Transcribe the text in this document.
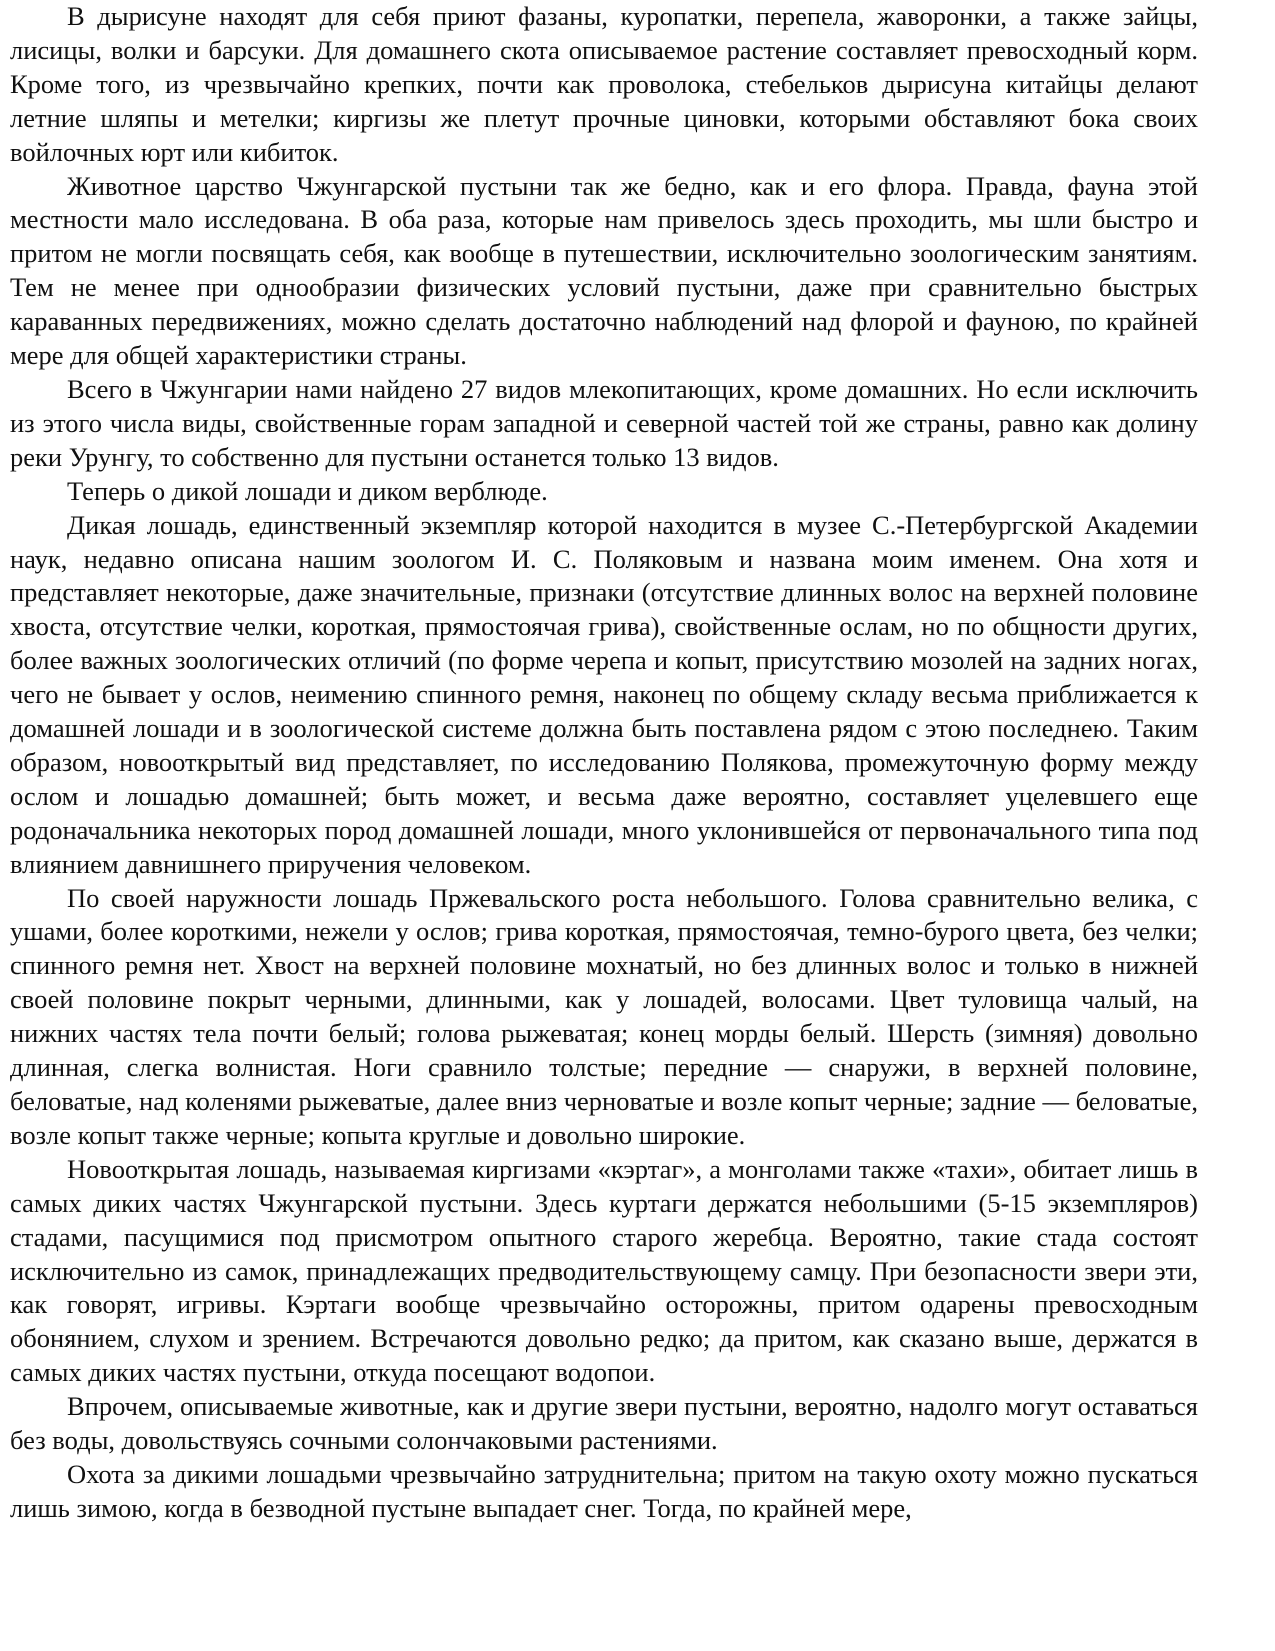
В дырисуне находят для себя приют фазаны, куропатки, перепела, жаворонки, а также зайцы, лисицы, волки и барсуки. Для домашнего скота описываемое растение составляет превосходный корм. Кроме того, из чрезвычайно крепких, почти как проволока, стебельков дырисуна китайцы делают летние шляпы и метелки; киргизы же плетут прочные циновки, которыми обставляют бока своих войлочных юрт или кибиток.

Животное царство Чжунгарской пустыни так же бедно, как и его флора. Правда, фауна этой местности мало исследована. В оба раза, которые нам привелось здесь проходить, мы шли быстро и притом не могли посвящать себя, как вообще в путешествии, исключительно зоологическим занятиям. Тем не менее при однообразии физических условий пустыни, даже при сравнительно быстрых караванных передвижениях, можно сделать достаточно наблюдений над флорой и фауною, по крайней мере для общей характеристики страны.

Всего в Чжунгарии нами найдено 27 видов млекопитающих, кроме домашних. Но если исключить из этого числа виды, свойственные горам западной и северной частей той же страны, равно как долину реки Урунгу, то собственно для пустыни останется только 13 видов.

Теперь о дикой лошади и диком верблюде.

Дикая лошадь, единственный экземпляр которой находится в музее С.-Петербургской Академии наук, недавно описана нашим зоологом И. С. Поляковым и названа моим именем. Она хотя и представляет некоторые, даже значительные, признаки (отсутствие длинных волос на верхней половине хвоста, отсутствие челки, короткая, прямостоячая грива), свойственные ослам, но по общности других, более важных зоологических отличий (по форме черепа и копыт, присутствию мозолей на задних ногах, чего не бывает у ослов, неимению спинного ремня, наконец по общему складу весьма приближается к домашней лошади и в зоологической системе должна быть поставлена рядом с этою последнею. Таким образом, новооткрытый вид представляет, по исследованию Полякова, промежуточную форму между ослом и лошадью домашней; быть может, и весьма даже вероятно, составляет уцелевшего еще родоначальника некоторых пород домашней лошади, много уклонившейся от первоначального типа под влиянием давнишнего приручения человеком.

По своей наружности лошадь Пржевальского роста небольшого. Голова сравнительно велика, с ушами, более короткими, нежели у ослов; грива короткая, прямостоячая, темно-бурого цвета, без челки; спинного ремня нет. Хвост на верхней половине мохнатый, но без длинных волос и только в нижней своей половине покрыт черными, длинными, как у лошадей, волосами. Цвет туловища чалый, на нижних частях тела почти белый; голова рыжеватая; конец морды белый. Шерсть (зимняя) довольно длинная, слегка волнистая. Ноги сравнило толстые; передние — снаружи, в верхней половине, беловатые, над коленями рыжеватые, далее вниз черноватые и возле копыт черные; задние — беловатые, возле копыт также черные; копыта круглые и довольно широкие.

Новооткрытая лошадь, называемая киргизами «кэртаг», а монголами также «тахи», обитает лишь в самых диких частях Чжунгарской пустыни. Здесь куртаги держатся небольшими (5-15 экземпляров) стадами, пасущимися под присмотром опытного старого жеребца. Вероятно, такие стада состоят исключительно из самок, принадлежащих предводительствующему самцу. При безопасности звери эти, как говорят, игривы. Кэртаги вообще чрезвычайно осторожны, притом одарены превосходным обонянием, слухом и зрением. Встречаются довольно редко; да притом, как сказано выше, держатся в самых диких частях пустыни, откуда посещают водопои.

Впрочем, описываемые животные, как и другие звери пустыни, вероятно, надолго могут оставаться без воды, довольствуясь сочными солончаковыми растениями.

Охота за дикими лошадьми чрезвычайно затруднительна; притом на такую охоту можно пускаться лишь зимою, когда в безводной пустыне выпадает снег. Тогда, по крайней мере,
